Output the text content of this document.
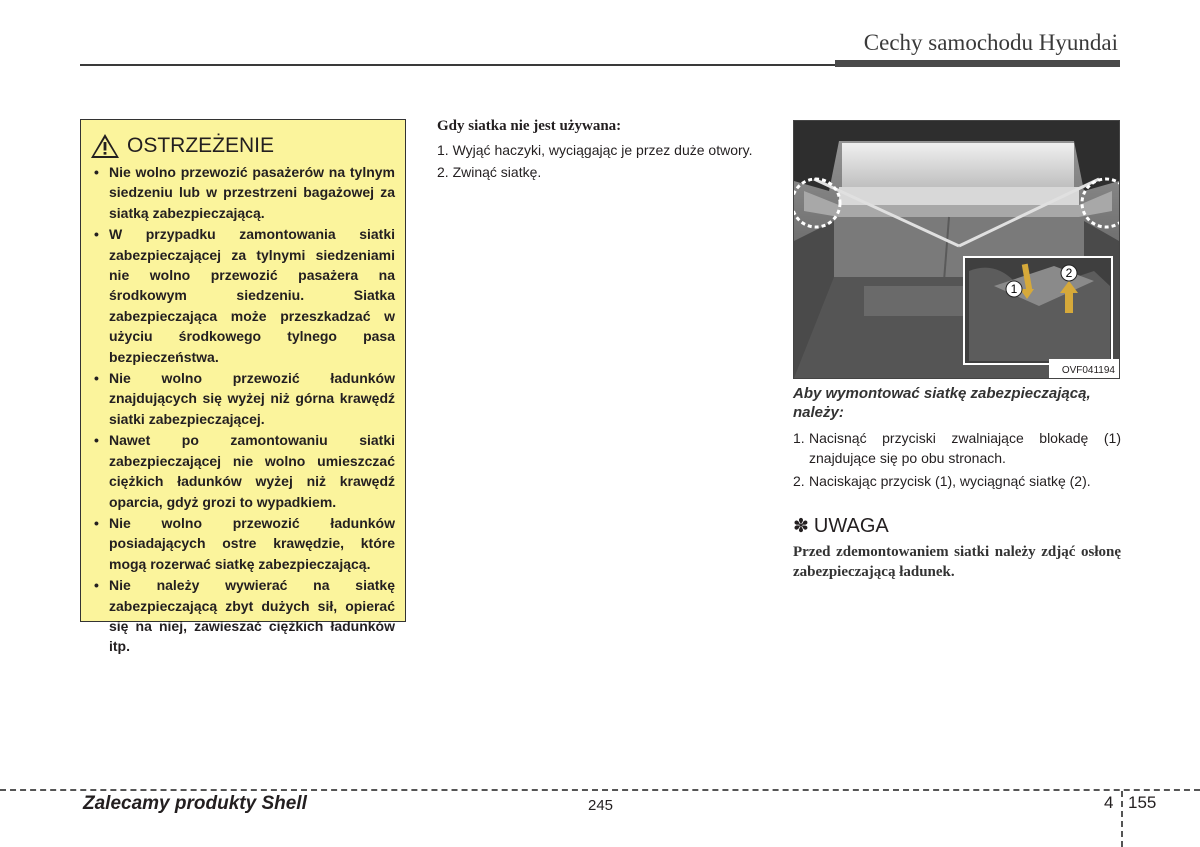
Cechy samochodu Hyundai
OSTRZEŻENIE
• Nie wolno przewozić pasażerów na tylnym siedzeniu lub w przestrzeni bagażowej za siatką zabezpieczającą.
• W przypadku zamontowania siatki zabezpieczającej za tylnymi siedzeniami nie wolno przewozić pasażera na środkowym siedzeniu. Siatka zabezpieczająca może przeszkadzać w użyciu środkowego tylnego pasa bezpieczeństwa.
• Nie wolno przewozić ładunków znajdujących się wyżej niż górna krawędź siatki zabezpieczającej.
• Nawet po zamontowaniu siatki zabezpieczającej nie wolno umieszczać ciężkich ładunków wyżej niż krawędź oparcia, gdyż grozi to wypadkiem.
• Nie wolno przewozić ładunków posiadających ostre krawędzie, które mogą rozerwać siatkę zabezpieczającą.
• Nie należy wywierać na siatkę zabezpieczającą zbyt dużych sił, opierać się na niej, zawieszać ciężkich ładunków itp.
Gdy siatka nie jest używana:
1. Wyjąć haczyki, wyciągając je przez duże otwory.
2. Zwinąć siatkę.
1
2
OVF041194
Aby wymontować siatkę zabezpieczającą, należy:
1. Nacisnąć przyciski zwalniające blokadę (1) znajdujące się po obu stronach.
2. Naciskając przycisk (1), wyciągnąć siatkę (2).
✽ UWAGA
Przed zdemontowaniem siatki należy zdjąć osłonę zabezpieczającą ładunek.
Zalecamy produkty Shell	245	4 155
